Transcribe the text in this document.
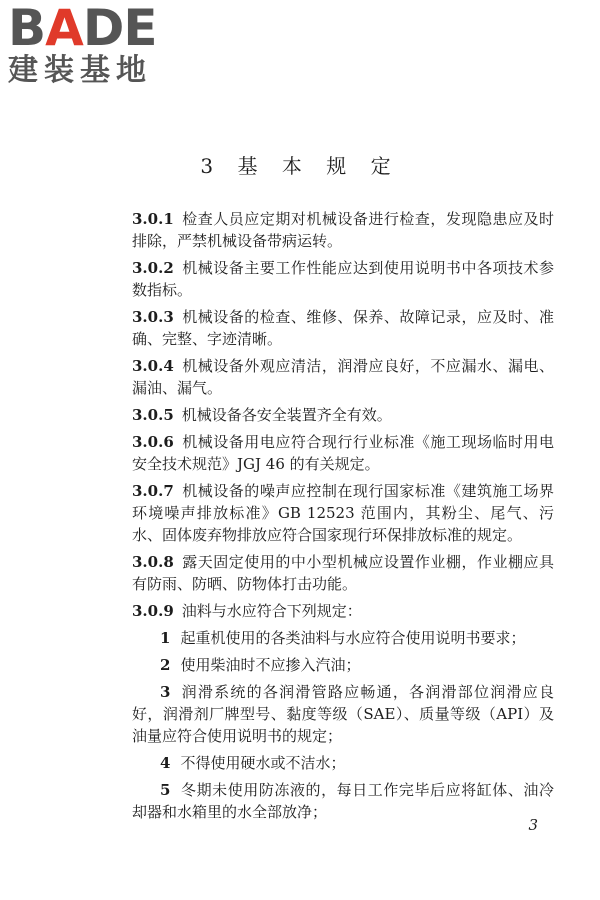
BADE
建装基地
3 基 本 规 定

3.0.1 检查人员应定期对机械设备进行检查，发现隐患应及时排除，严禁机械设备带病运转。

3.0.2 机械设备主要工作性能应达到使用说明书中各项技术参数指标。

3.0.3 机械设备的检查、维修、保养、故障记录，应及时、准确、完整、字迹清晰。

3.0.4 机械设备外观应清洁，润滑应良好，不应漏水、漏电、漏油、漏气。

3.0.5 机械设备各安全装置齐全有效。

3.0.6 机械设备用电应符合现行行业标准《施工现场临时用电安全技术规范》JGJ 46 的有关规定。

3.0.7 机械设备的噪声应控制在现行国家标准《建筑施工场界环境噪声排放标准》GB 12523 范围内，其粉尘、尾气、污水、固体废弃物排放应符合国家现行环保排放标准的规定。

3.0.8 露天固定使用的中小型机械应设置作业棚，作业棚应具有防雨、防晒、防物体打击功能。

3.0.9 油料与水应符合下列规定：

1 起重机使用的各类油料与水应符合使用说明书要求；

2 使用柴油时不应掺入汽油；

3 润滑系统的各润滑管路应畅通，各润滑部位润滑应良好，润滑剂厂牌型号、黏度等级（SAE）、质量等级（API）及油量应符合使用说明书的规定；

4 不得使用硬水或不洁水；

5 冬期未使用防冻液的，每日工作完毕后应将缸体、油冷却器和水箱里的水全部放净；

3
